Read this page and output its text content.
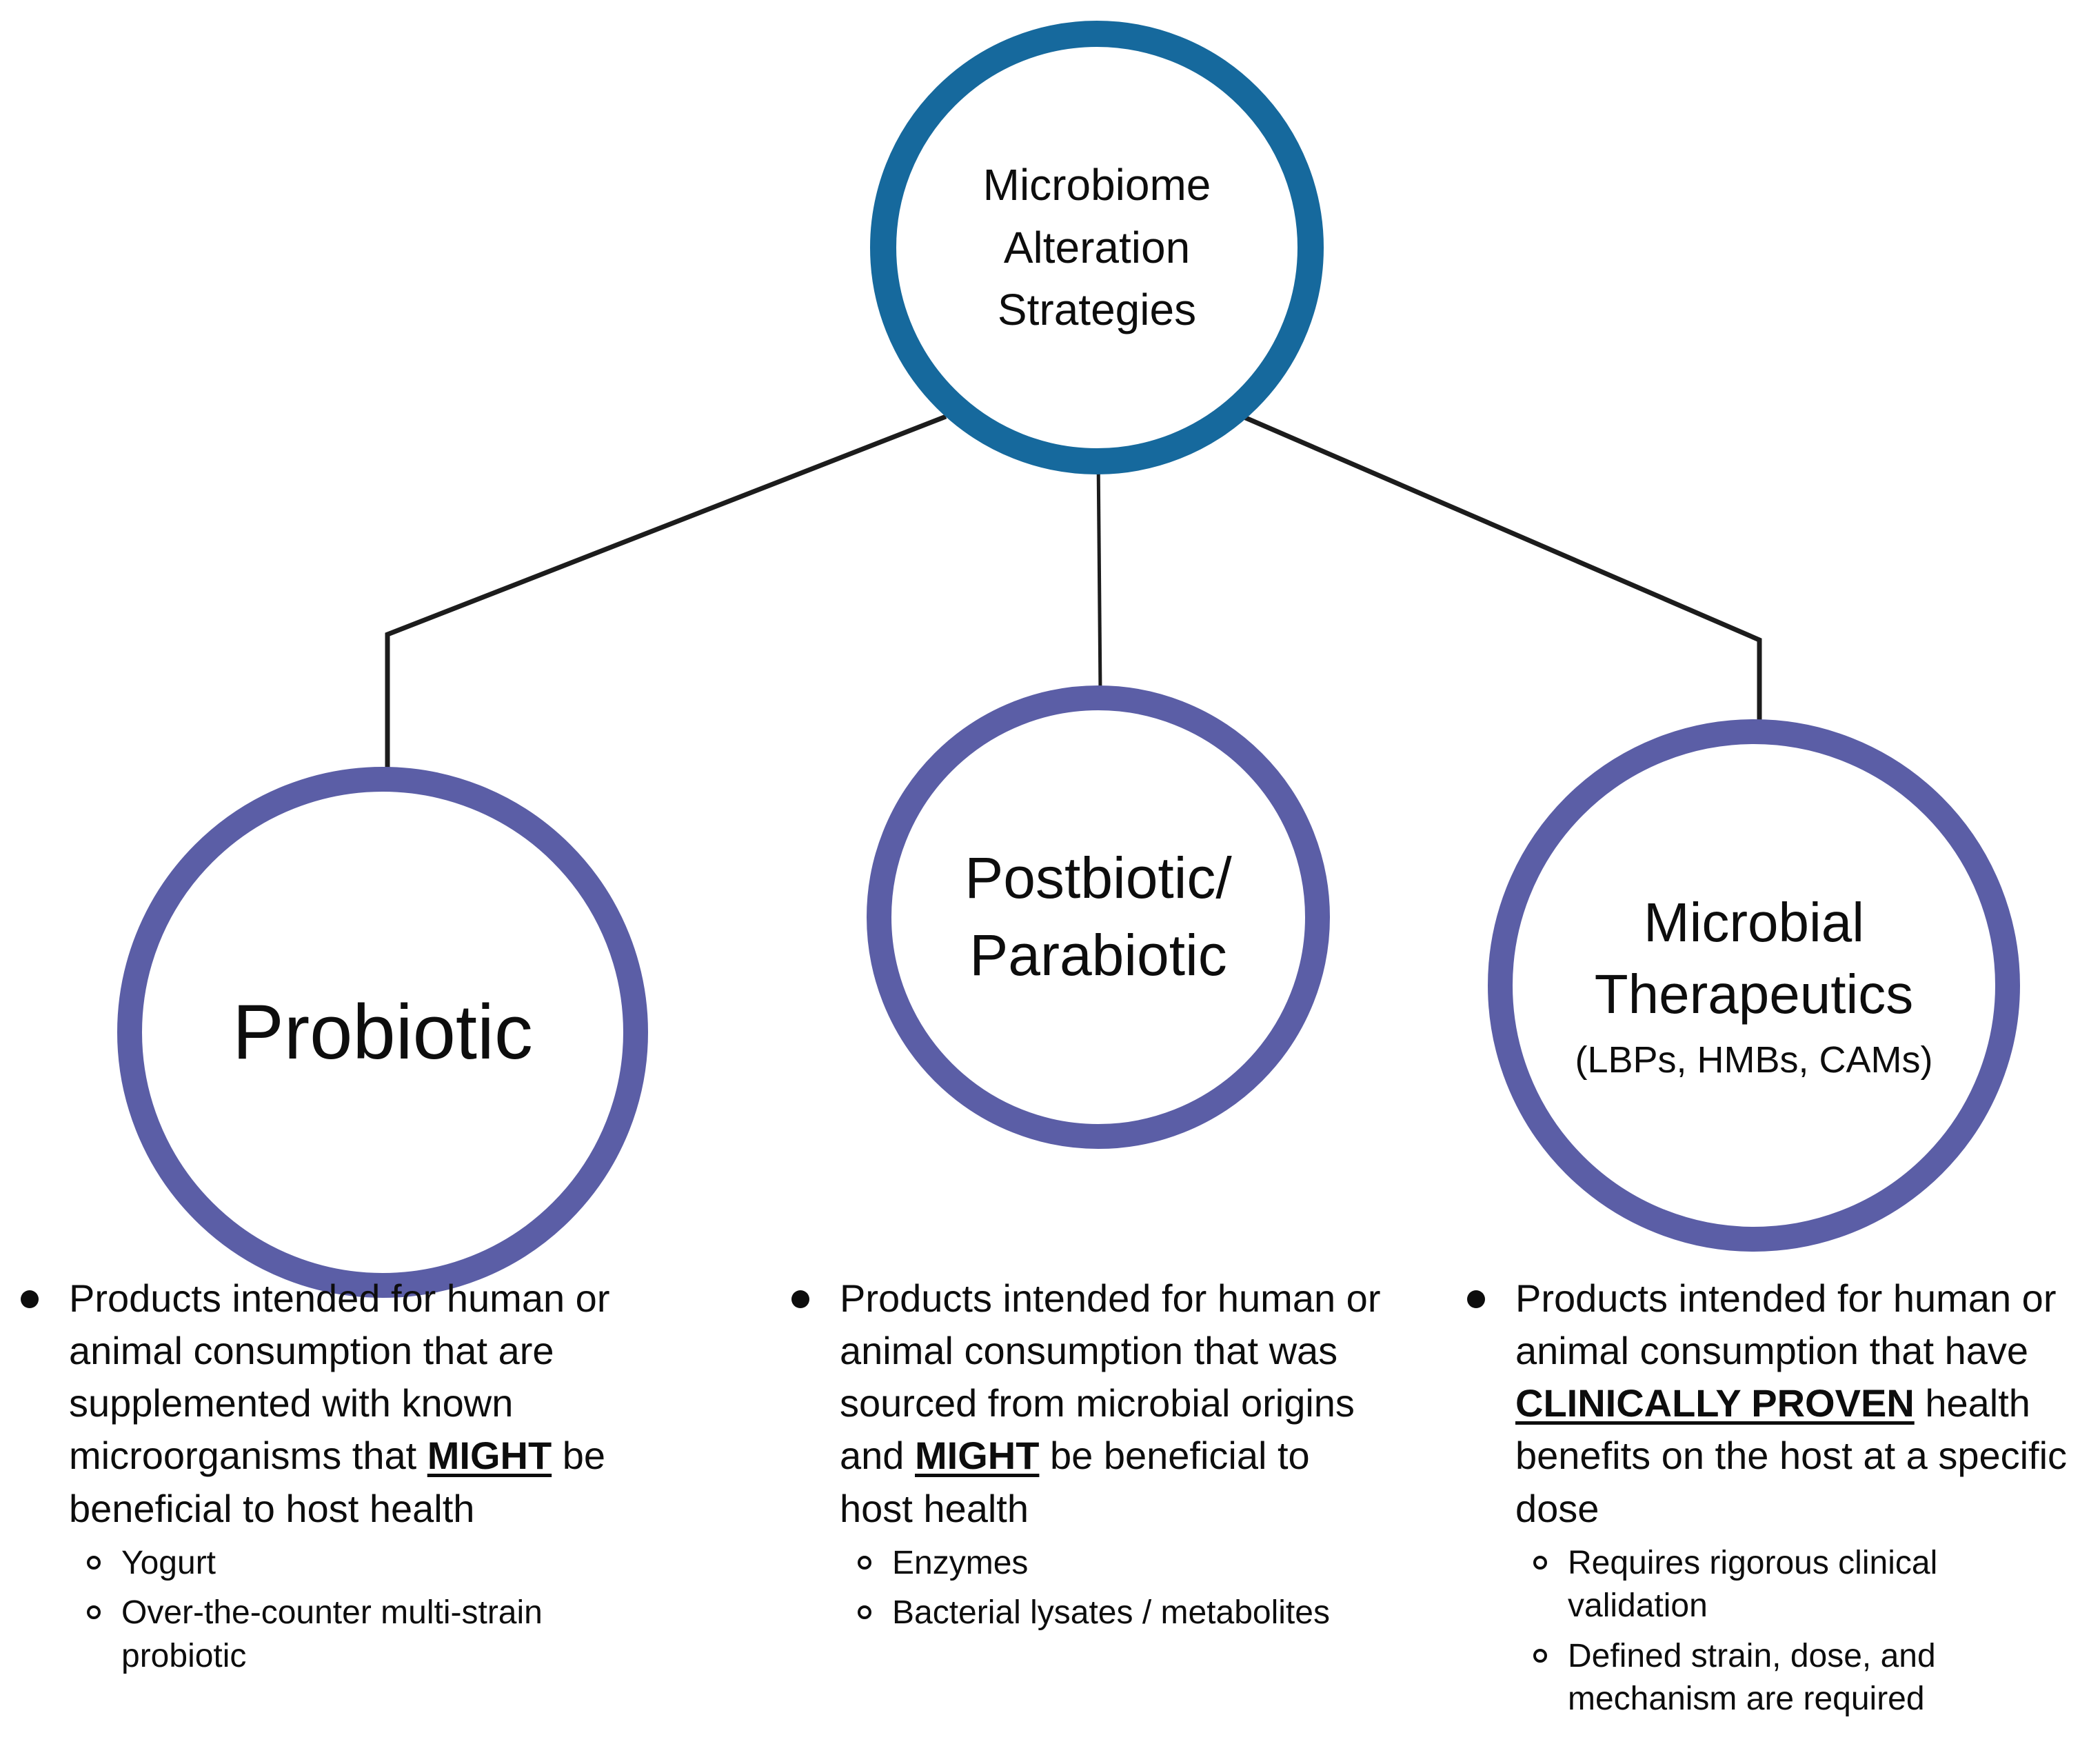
Microbiome Alteration Strategies
Probiotic
Postbiotic/ Parabiotic
Microbial Therapeutics
(LBPs, HMBs, CAMs)

Products intended for human or animal consumption that are supplemented with known microorganisms that MIGHT be beneficial to host health

Yogurt

Over-the-counter multi-strain probiotic

Products intended for human or animal consumption that was sourced from microbial origins and MIGHT be beneficial to host health

Enzymes

Bacterial lysates / metabolites

Products intended for human or animal consumption that have CLINICALLY PROVEN health benefits on the host at a specific dose

Requires rigorous clinical validation

Defined strain, dose, and mechanism are required
